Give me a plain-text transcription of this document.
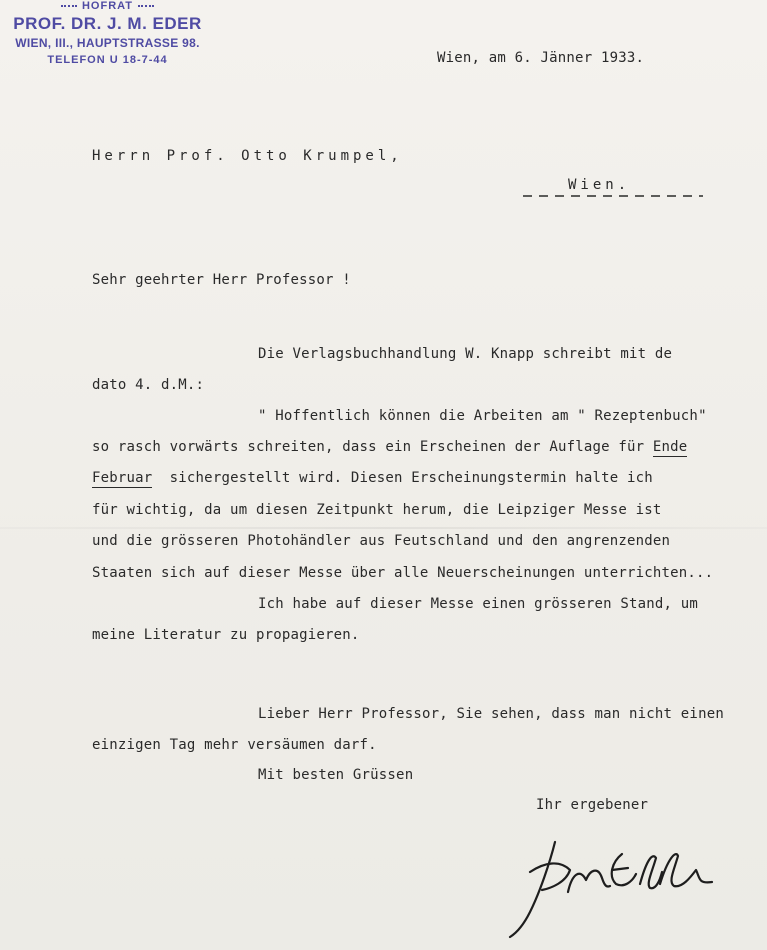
HOFRAT
PROF. DR. J. M. EDER
WIEN, III., HAUPTSTRASSE 98.
TELEFON U 18-7-44	Wien, am 6. Jänner 1933.
Herrn Prof. Otto Krumpel,
Wien.
Sehr geehrter Herr Professor !
Die Verlagsbuchhandlung W. Knapp schreibt mit de
dato 4. d.M.:
" Hoffentlich können die Arbeiten am " Rezeptenbuch"
so rasch vorwärts schreiten, dass ein Erscheinen der Auflage für Ende
Februar sichergestellt wird. Diesen Erscheinungstermin halte ich
für wichtig, da um diesen Zeitpunkt herum, die Leipziger Messe ist
und die grösseren Photohändler aus Feutschland und den angrenzenden
Staaten sich auf dieser Messe über alle Neuerscheinungen unterrichten...
Ich habe auf dieser Messe einen grösseren Stand, um
meine Literatur zu propagieren.
Lieber Herr Professor, Sie sehen, dass man nicht einen
einzigen Tag mehr versäumen darf.
Mit besten Grüssen
Ihr ergebener
